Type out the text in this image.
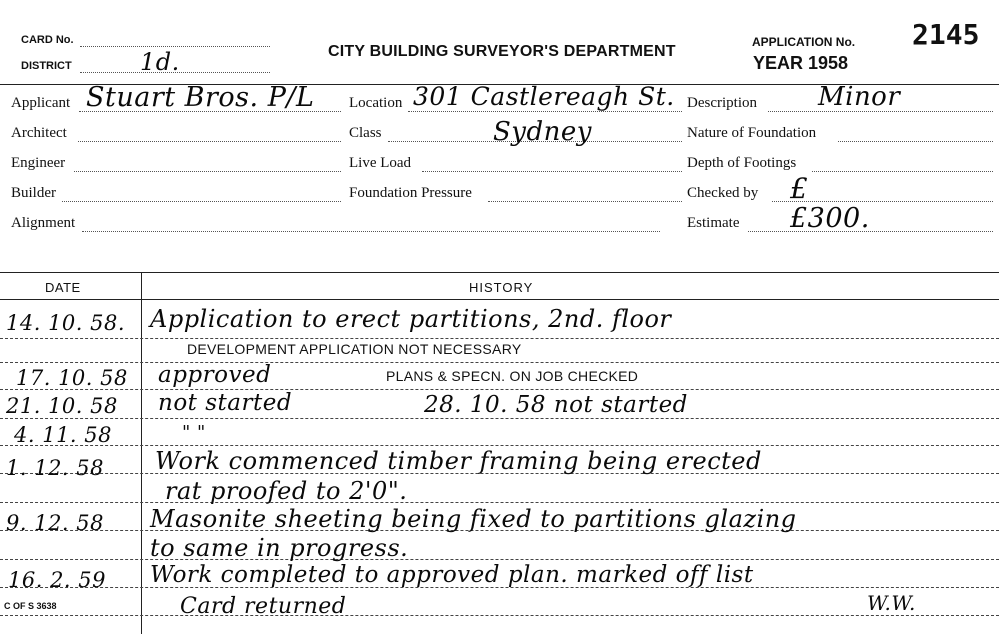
CARD No.
DISTRICT	1d.	CITY BUILDING SURVEYOR'S DEPARTMENT
APPLICATION No. 2145
YEAR 1958
Applicant Stuart Bros. P/L Location 301 Castlereagh St. Description Minor
Architect	Class	Sydney	Nature of Foundation
Engineer	Live Load	Depth of Footings
Builder	Foundation Pressure	Checked by £
Alignment	Estimate £300.
DATE	HISTORY
14. 10. 58. Application to erect partitions, 2nd. floor
DEVELOPMENT APPLICATION NOT NECESSARY
17. 10. 58 approved	PLANS & SPECN. ON JOB CHECKED
21. 10. 58 not started	28. 10. 58 not started
4. 11. 58	" "
1. 12. 58 Work commenced timber framing being erected
rat proofed to 2'0".
9. 12. 58 Masonite sheeting being fixed to partitions glazing
to same in progress.
16. 2. 59 Work completed to approved plan. marked off list
Card returned	W.W.
C OF S 3638
